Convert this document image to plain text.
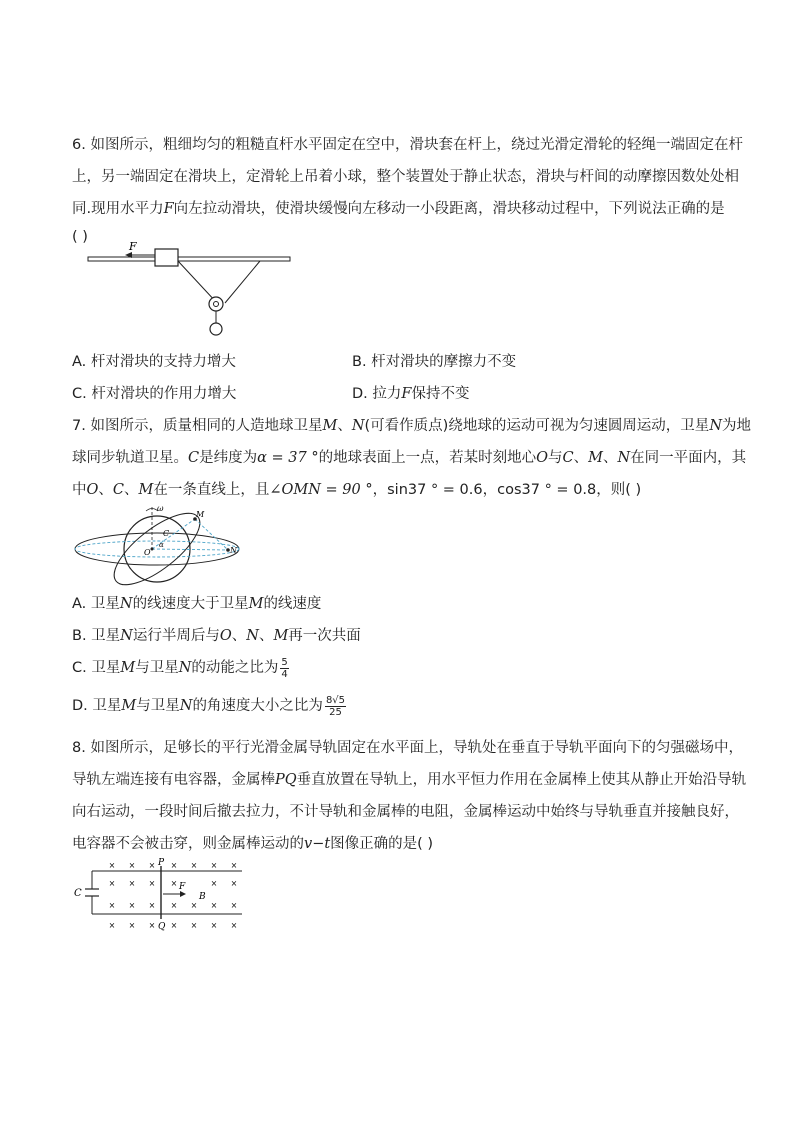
6. 如图所示，粗细均匀的粗糙直杆水平固定在空中，滑块套在杆上，绕过光滑定滑轮的轻绳一端固定在杆
上，另一端固定在滑块上，定滑轮上吊着小球，整个装置处于静止状态，滑块与杆间的动摩擦因数处处相
同.现用水平力F向左拉动滑块，使滑块缓慢向左移动一小段距离，滑块移动过程中，下列说法正确的是
( )
F
A. 杆对滑块的支持力增大	B. 杆对滑块的摩擦力不变
C. 杆对滑块的作用力增大	D. 拉力F保持不变
7. 如图所示，质量相同的人造地球卫星M、N(可看作质点)绕地球的运动可视为匀速圆周运动，卫星N为地
球同步轨道卫星。C是纬度为α = 37 °的地球表面上一点，若某时刻地心O与C、M、N在同一平面内，其
中O、C、M在一条直线上，且∠OMN = 90 °，sin37 ° = 0.6，cos37 ° = 0.8，则( )
ω
M
C
α
O	N
A. 卫星N的线速度大于卫星M的线速度
B. 卫星N运行半周后与O、N、M再一次共面
C. 卫星M与卫星N的动能之比为 $\frac{5}{4}$
D. 卫星M与卫星N的角速度大小之比为 $\frac{8√5}{25}$
8. 如图所示，足够长的平行光滑金属导轨固定在水平面上，导轨处在垂直于导轨平面向下的匀强磁场中，
导轨左端连接有电容器，金属棒PQ垂直放置在导轨上，用水平恒力作用在金属棒上使其从静止开始沿导轨
向右运动，一段时间后撤去拉力，不计导轨和金属棒的电阻，金属棒运动中始终与导轨垂直并接触良好，
电容器不会被击穿，则金属棒运动的v−t图像正确的是( )
C
P
Q
F
B
× × × × × × ×
× × × ×	× ×
× × × × × × ×
× × × × × × ×
